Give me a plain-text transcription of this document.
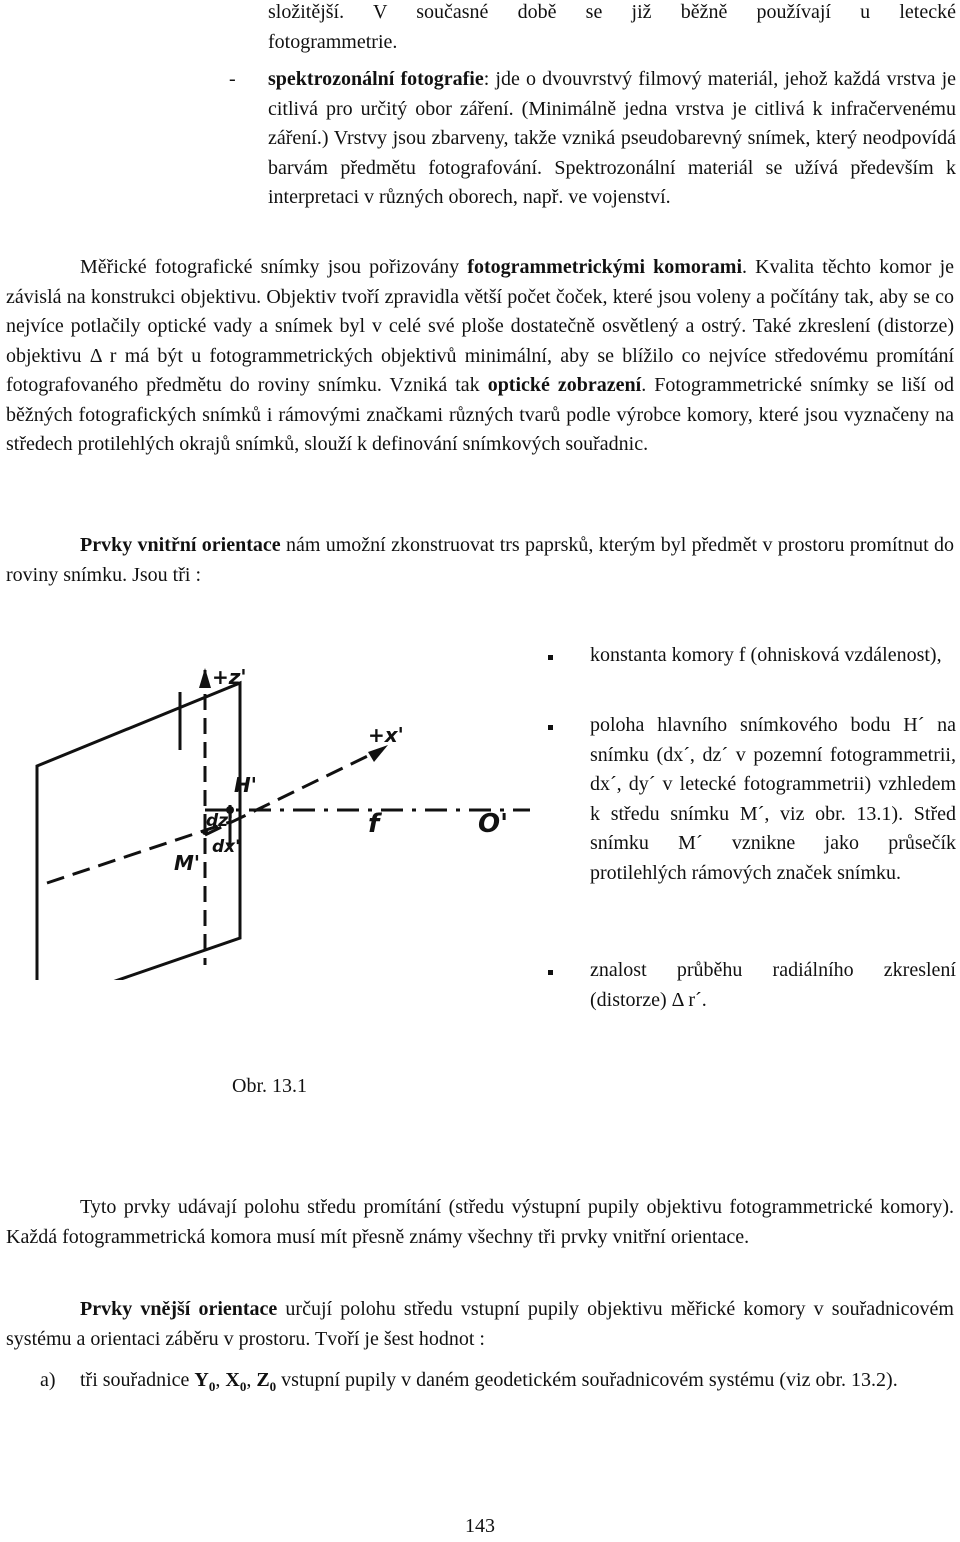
složitější. V současné době se již běžně používají u letecké
fotogrammetrie.
-	spektrozonální fotografie: jde o dvouvrstvý filmový materiál, jehož každá vrstva je citlivá pro určitý obor záření. (Minimálně jedna vrstva je citlivá k infračervenému záření.) Vrstvy jsou zbarveny, takže vzniká pseudobarevný snímek, který neodpovídá barvám předmětu fotografování. Spektrozonální materiál se užívá především k interpretaci v různých oborech, např. ve vojenství.
Měřické fotografické snímky jsou pořizovány fotogrammetrickými komorami. Kvalita těchto komor je závislá na konstrukci objektivu. Objektiv tvoří zpravidla větší počet čoček, které jsou voleny a počítány tak, aby se co nejvíce potlačily optické vady a snímek byl v celé své ploše dostatečně osvětlený a ostrý. Také zkreslení (distorze) objektivu Δ r má být u fotogrammetrických objektivů minimální, aby se blížilo co nejvíce středovému promítání fotografovaného předmětu do roviny snímku. Vzniká tak optické zobrazení. Fotogrammetrické snímky se liší od běžných fotografických snímků i rámovými značkami různých tvarů podle výrobce komory, které jsou vyznačeny na středech protilehlých okrajů snímků, slouží k definování snímkových souřadnic.
Prvky vnitřní orientace nám umožní zkonstruovat trs paprsků, kterým byl předmět v prostoru promítnut do roviny snímku. Jsou tři :
+z'
+x'
H'
M'
dz'
dx'
f	O'
Obr. 13.1
konstanta komory f (ohnisková vzdálenost),
poloha hlavního snímkového bodu H´ na snímku (dx´, dz´ v pozemní fotogrammetrii, dx´, dy´ v letecké fotogrammetrii) vzhledem k středu snímku M´, viz obr. 13.1). Střed snímku M´ vznikne jako průsečík protilehlých rámových značek snímku.
znalost průběhu radiálního zkreslení (distorze) Δ r´.
Tyto prvky udávají polohu středu promítání (středu výstupní pupily objektivu fotogrammetrické komory). Každá fotogrammetrická komora musí mít přesně známy všechny tři prvky vnitřní orientace.
Prvky vnější orientace určují polohu středu vstupní pupily objektivu měřické komory v souřadnicovém systému a orientaci záběru v prostoru. Tvoří je šest hodnot :
a)	tři souřadnice $Y_0$, $X_0$, $Z_0$ vstupní pupily v daném geodetickém souřadnicovém systému (viz obr. 13.2).
143
